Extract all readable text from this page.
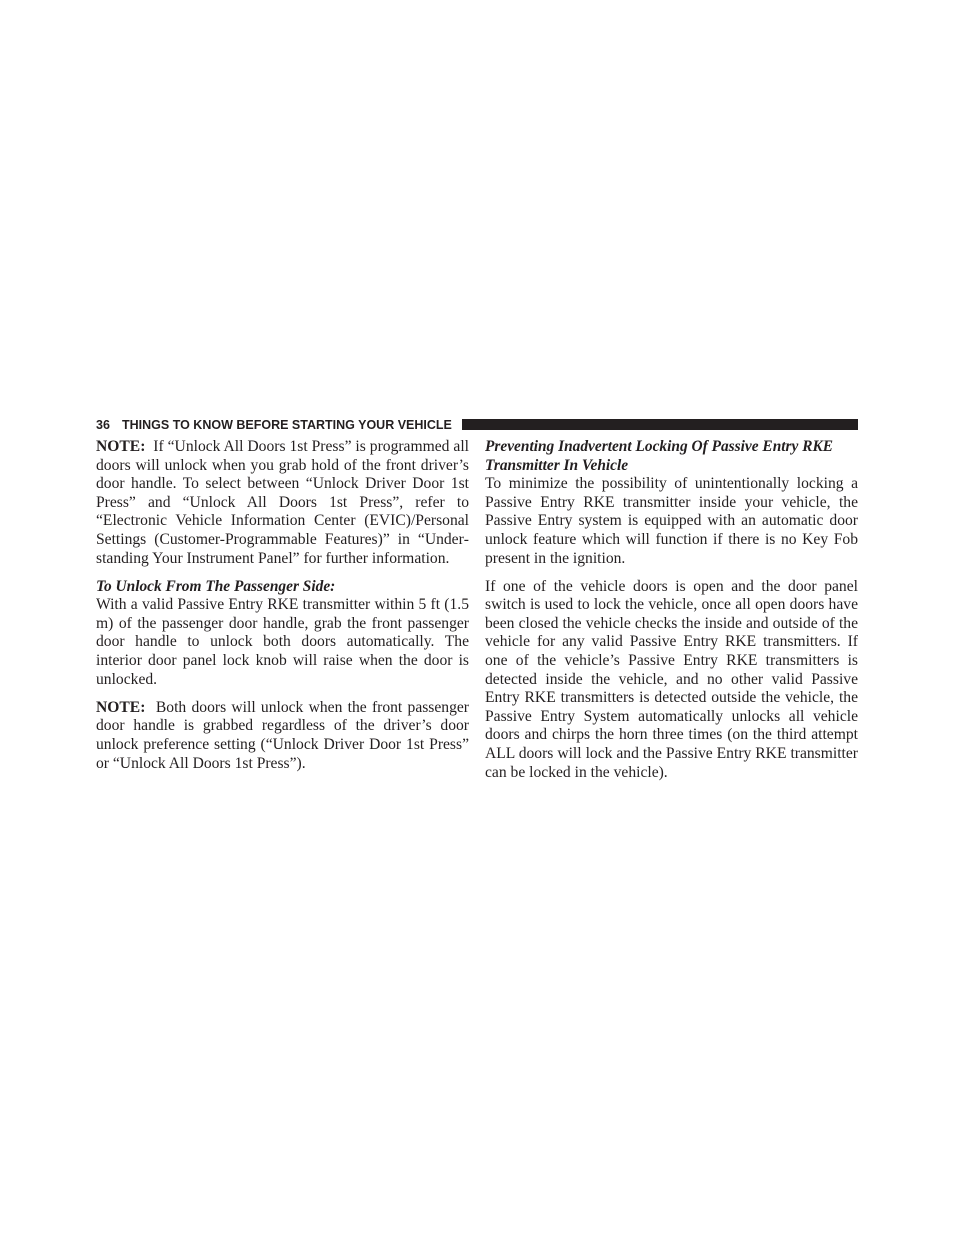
36 THINGS TO KNOW BEFORE STARTING YOUR VEHICLE

NOTE: If “Unlock All Doors 1st Press” is programmed all doors will unlock when you grab hold of the front driver’s door handle. To select between “Unlock Driver Door 1st Press” and “Unlock All Doors 1st Press”, refer to “Electronic Vehicle Information Center (EVIC)/Personal Settings (Customer-Programmable Features)” in “Understanding Your Instrument Panel” for further information.

To Unlock From The Passenger Side:

With a valid Passive Entry RKE transmitter within 5 ft (1.5 m) of the passenger door handle, grab the front passenger door handle to unlock both doors automatically. The interior door panel lock knob will raise when the door is unlocked.

NOTE: Both doors will unlock when the front passenger door handle is grabbed regardless of the driver’s door unlock preference setting (“Unlock Driver Door 1st Press” or “Unlock All Doors 1st Press”).

Preventing Inadvertent Locking Of Passive Entry RKE Transmitter In Vehicle

To minimize the possibility of unintentionally locking a Passive Entry RKE transmitter inside your vehicle, the Passive Entry system is equipped with an automatic door unlock feature which will function if there is no Key Fob present in the ignition.

If one of the vehicle doors is open and the door panel switch is used to lock the vehicle, once all open doors have been closed the vehicle checks the inside and outside of the vehicle for any valid Passive Entry RKE transmitters. If one of the vehicle’s Passive Entry RKE transmitters is detected inside the vehicle, and no other valid Passive Entry RKE transmitters is detected outside the vehicle, the Passive Entry System automatically unlocks all vehicle doors and chirps the horn three times (on the third attempt ALL doors will lock and the Passive Entry RKE transmitter can be locked in the vehicle).
